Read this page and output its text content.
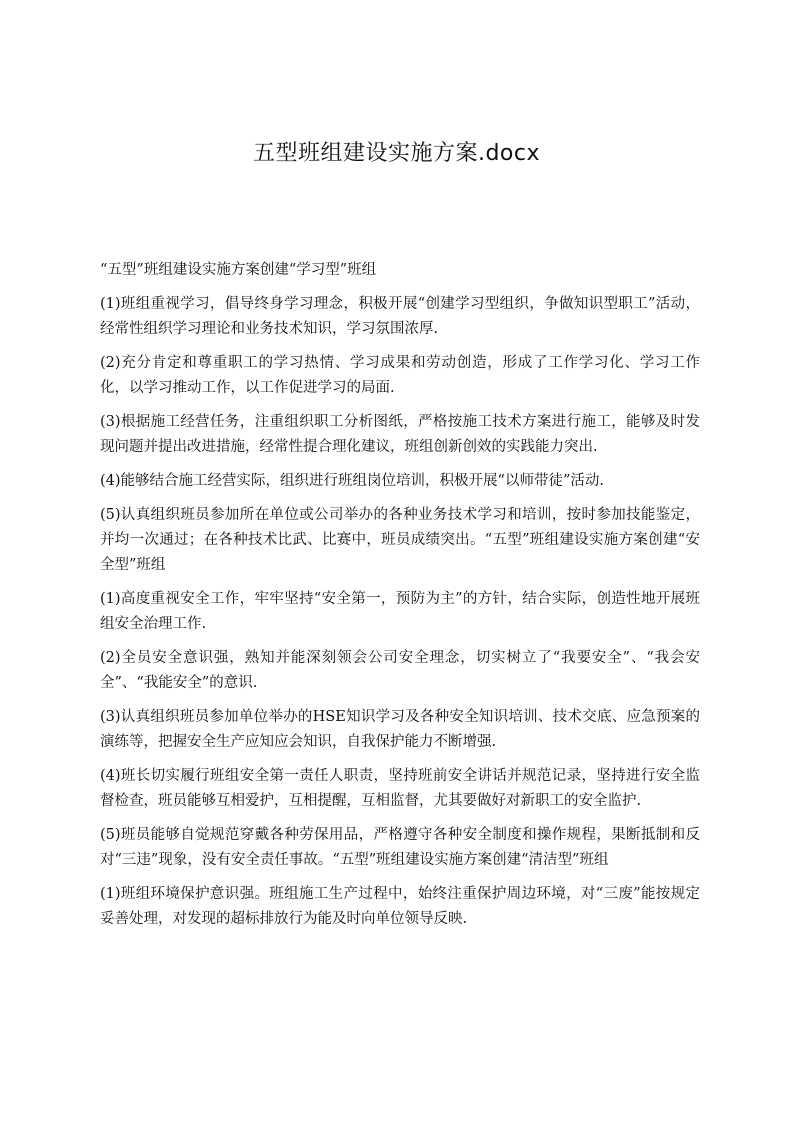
五型班组建设实施方案.docx

“五型”班组建设实施方案创建“学习型”班组

(1)班组重视学习，倡导终身学习理念，积极开展“创建学习型组织，争做知识型职工”活动，经常性组织学习理论和业务技术知识，学习氛围浓厚.

(2)充分肯定和尊重职工的学习热情、学习成果和劳动创造，形成了工作学习化、学习工作化，以学习推动工作，以工作促进学习的局面.

(3)根据施工经营任务，注重组织职工分析图纸，严格按施工技术方案进行施工，能够及时发现问题并提出改进措施，经常性提合理化建议，班组创新创效的实践能力突出.

(4)能够结合施工经营实际，组织进行班组岗位培训，积极开展“以师带徒”活动.

(5)认真组织班员参加所在单位或公司举办的各种业务技术学习和培训，按时参加技能鉴定，并均一次通过；在各种技术比武、比赛中，班员成绩突出。“五型”班组建设实施方案创建“安全型”班组

(1)高度重视安全工作，牢牢坚持“安全第一，预防为主”的方针，结合实际，创造性地开展班组安全治理工作.

(2)全员安全意识强，熟知并能深刻领会公司安全理念，切实树立了“我要安全”、“我会安全”、“我能安全”的意识.

(3)认真组织班员参加单位举办的HSE知识学习及各种安全知识培训、技术交底、应急预案的演练等，把握安全生产应知应会知识，自我保护能力不断增强.

(4)班长切实履行班组安全第一责任人职责，坚持班前安全讲话并规范记录，坚持进行安全监督检查，班员能够互相爱护，互相提醒，互相监督，尤其要做好对新职工的安全监护.

(5)班员能够自觉规范穿戴各种劳保用品，严格遵守各种安全制度和操作规程，果断抵制和反对“三违”现象，没有安全责任事故。“五型”班组建设实施方案创建“清洁型”班组

(1)班组环境保护意识强。班组施工生产过程中，始终注重保护周边环境，对“三废”能按规定妥善处理，对发现的超标排放行为能及时向单位领导反映.
